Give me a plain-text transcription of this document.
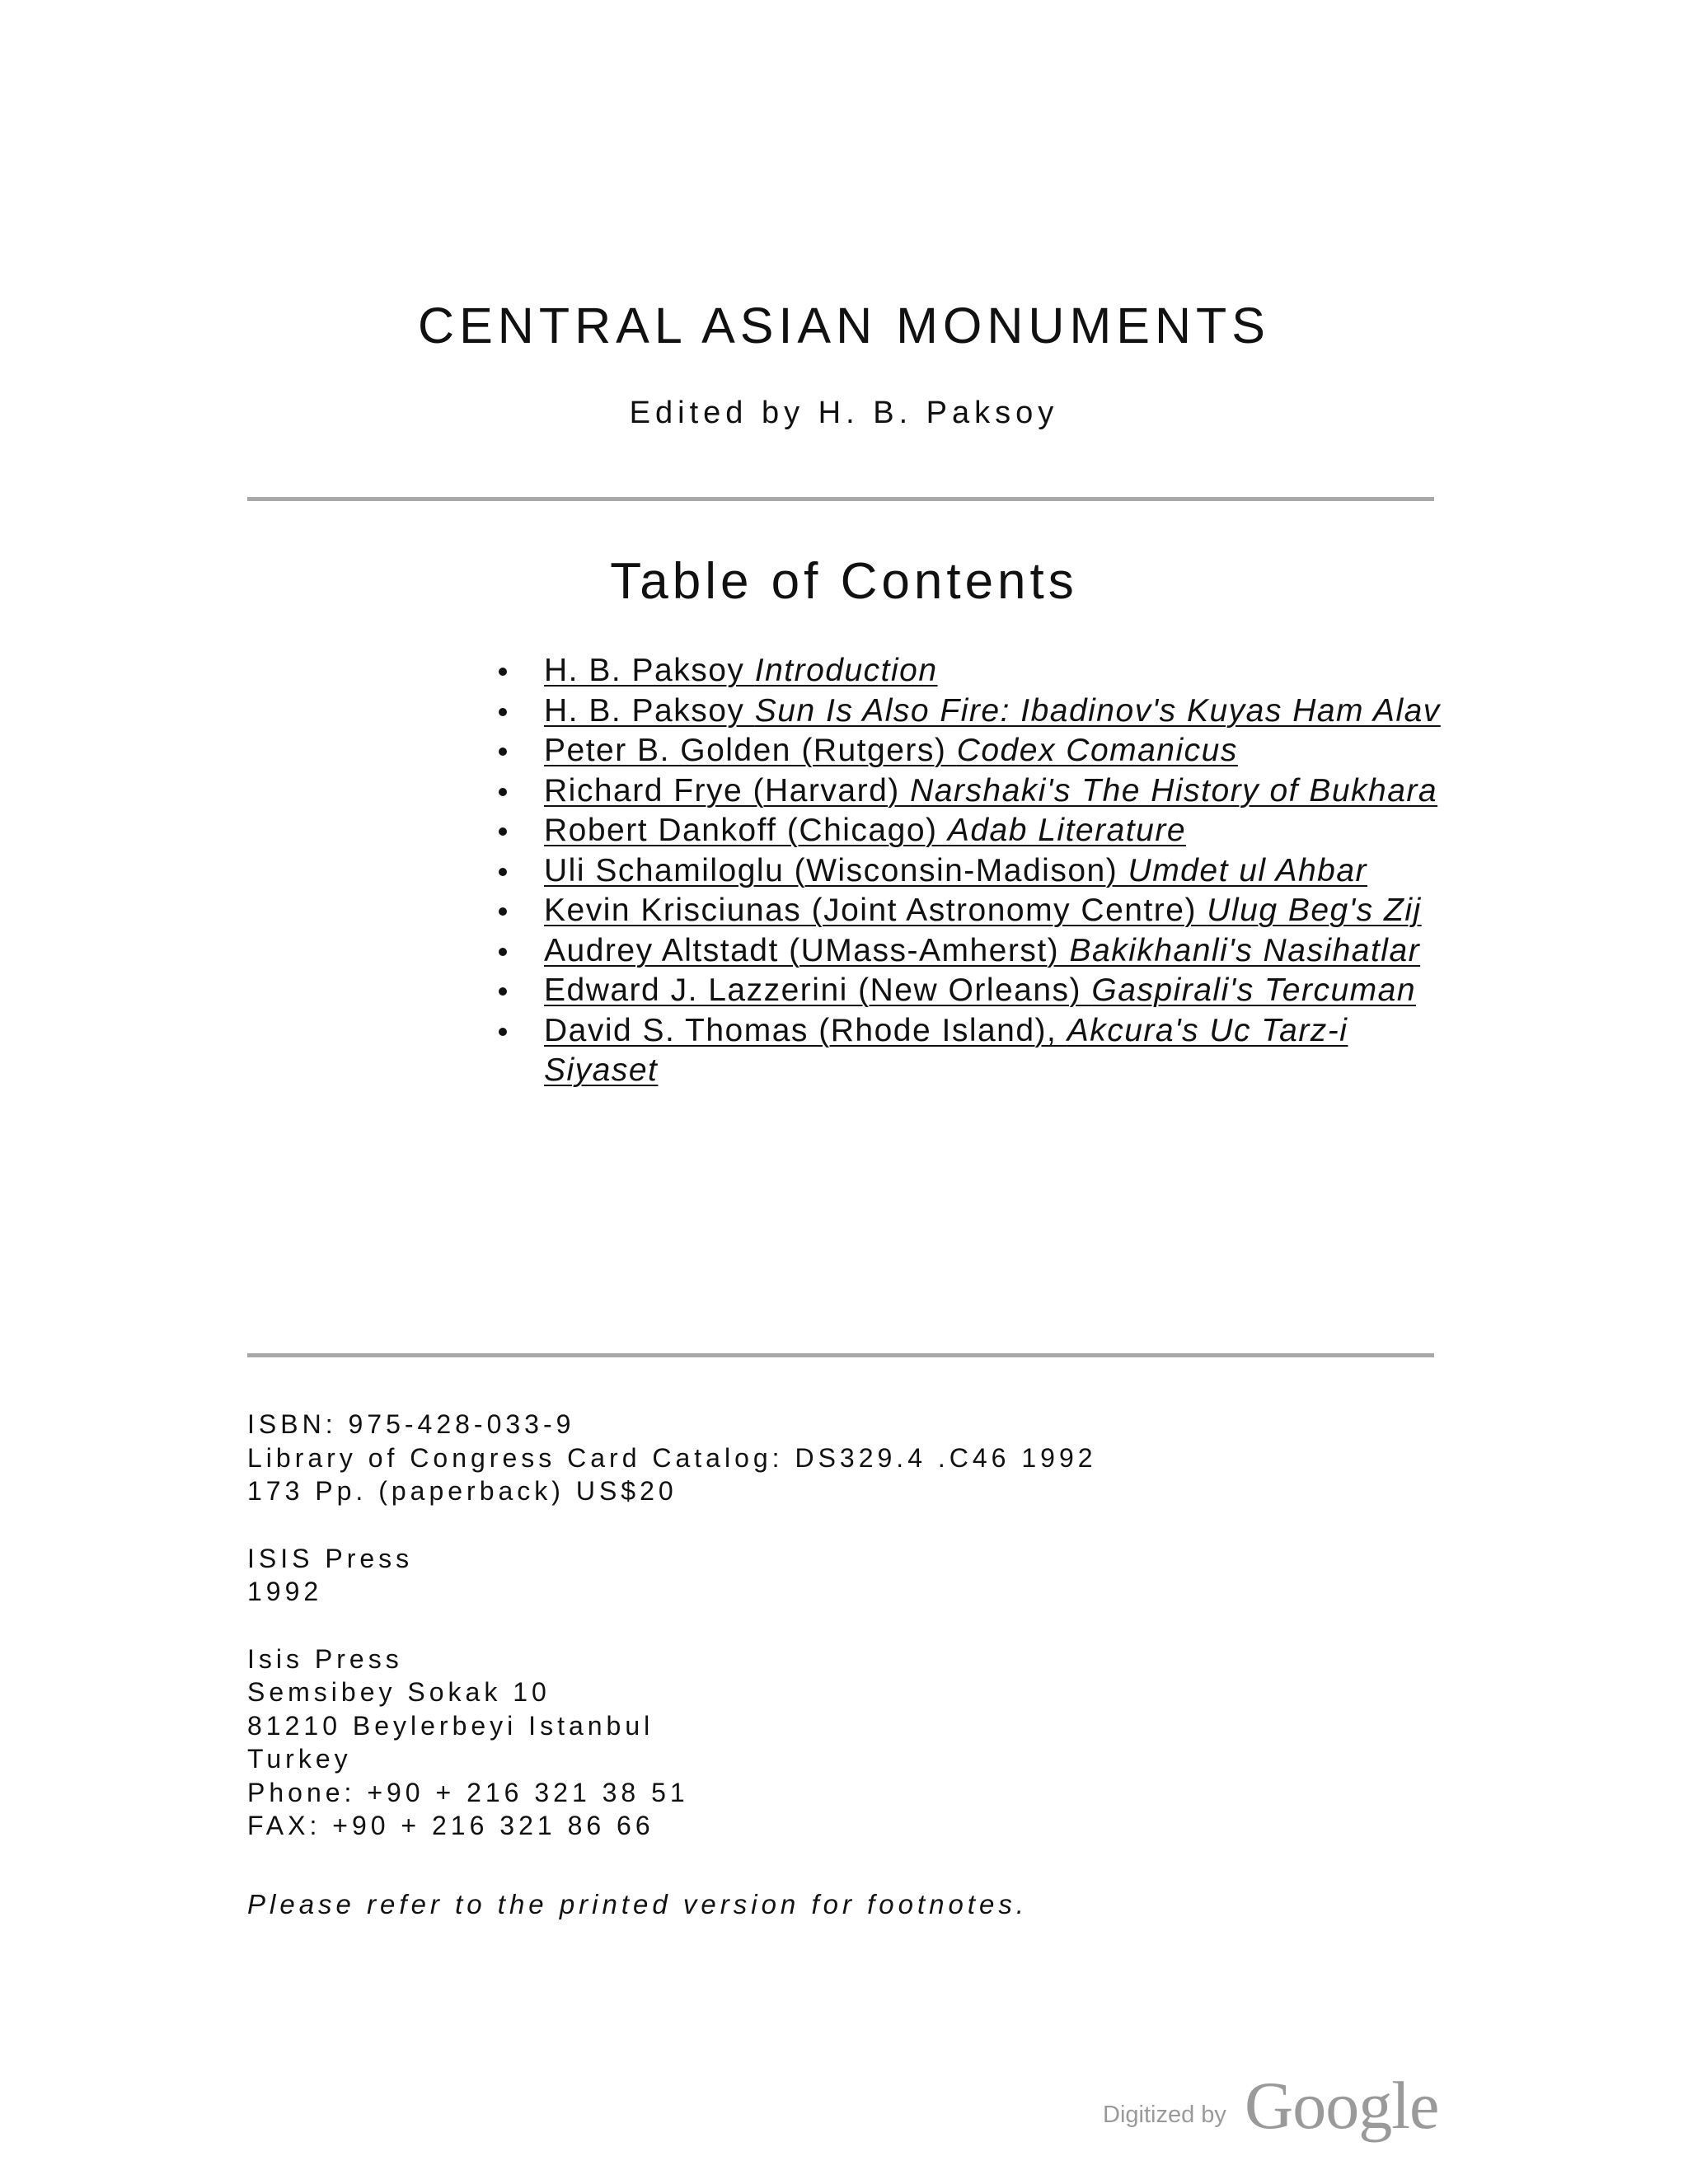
CENTRAL ASIAN MONUMENTS
Edited by H. B. Paksoy
Table of Contents
H. B. Paksoy Introduction
H. B. Paksoy Sun Is Also Fire: Ibadinov's Kuyas Ham Alav
Peter B. Golden (Rutgers) Codex Comanicus
Richard Frye (Harvard) Narshaki's The History of Bukhara
Robert Dankoff (Chicago) Adab Literature
Uli Schamiloglu (Wisconsin-Madison) Umdet ul Ahbar
Kevin Krisciunas (Joint Astronomy Centre) Ulug Beg's Zij
Audrey Altstadt (UMass-Amherst) Bakikhanli's Nasihatlar
Edward J. Lazzerini (New Orleans) Gaspirali's Tercuman
David S. Thomas (Rhode Island), Akcura's Uc Tarz-i Siyaset
ISBN: 975-428-033-9
Library of Congress Card Catalog: DS329.4 .C46 1992
173 Pp. (paperback) US$20
ISIS Press
1992
Isis Press
Semsibey Sokak 10
81210 Beylerbeyi Istanbul
Turkey
Phone: +90 + 216 321 38 51
FAX: +90 + 216 321 86 66
Please refer to the printed version for footnotes.
Digitized by Google
